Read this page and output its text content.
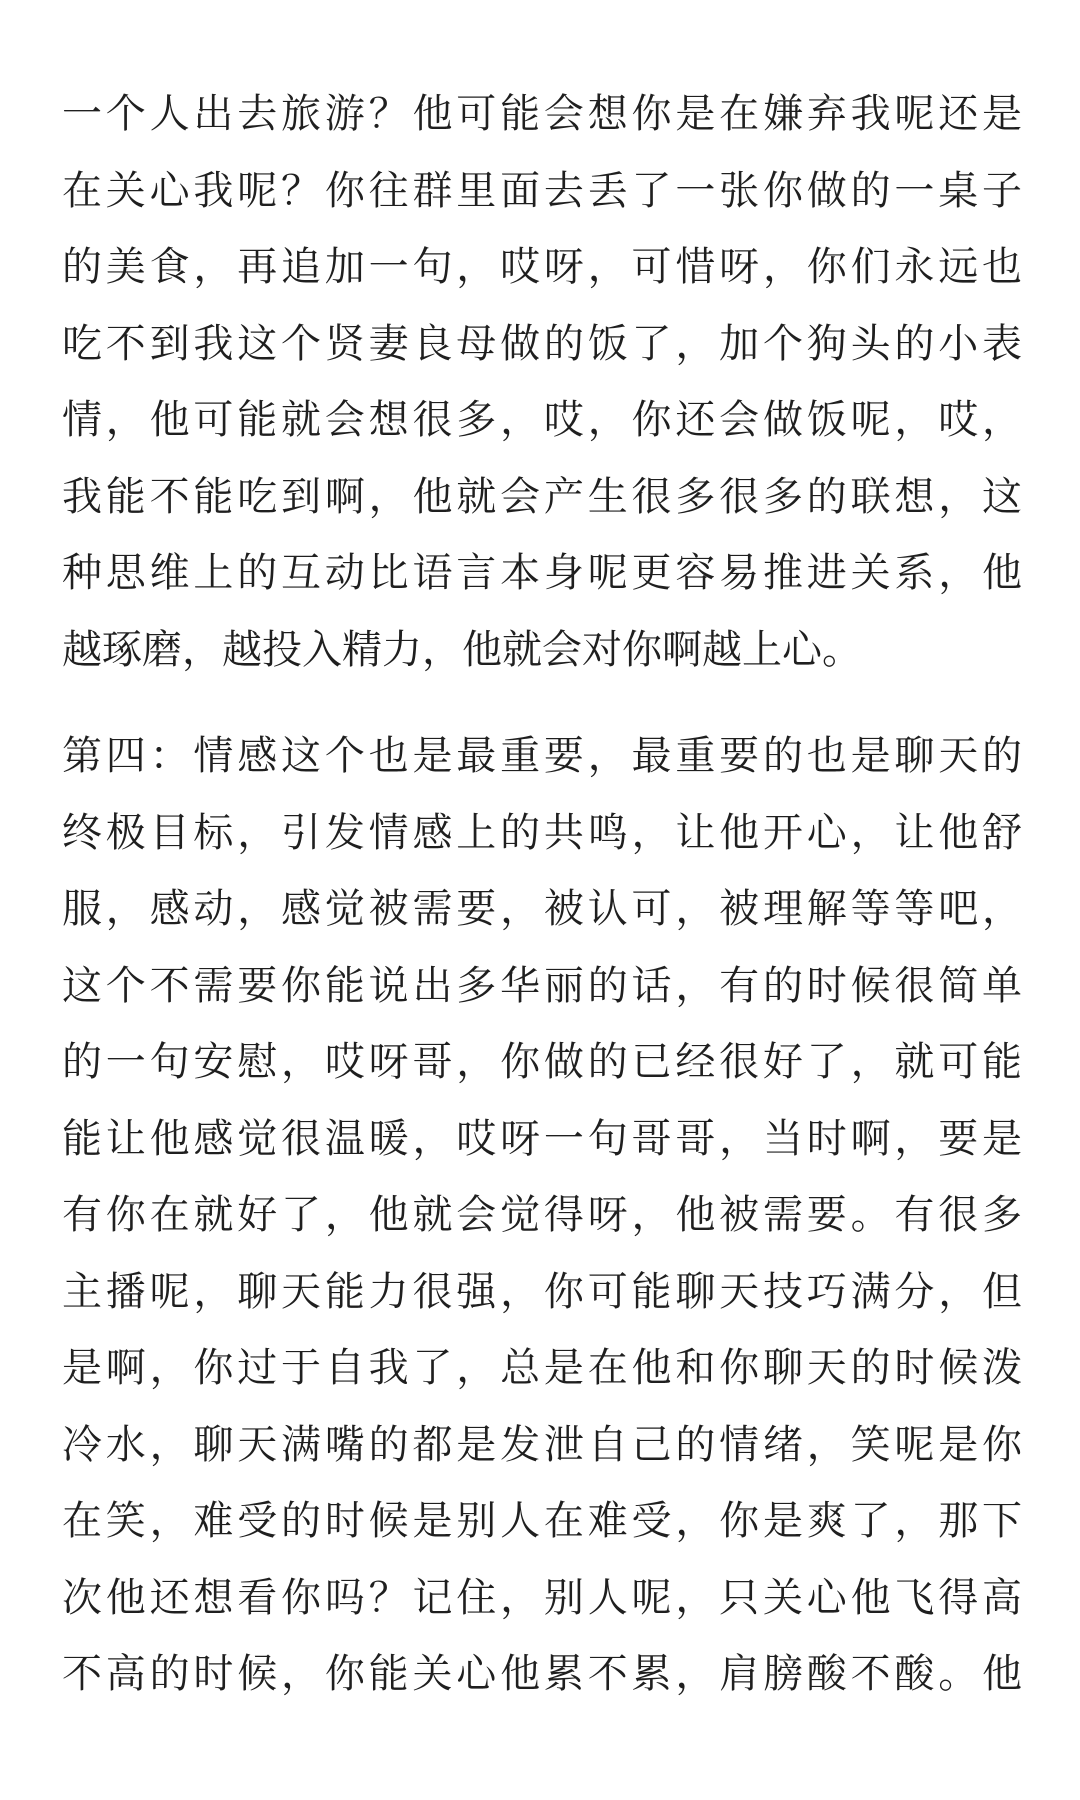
一个人出去旅游？他可能会想你是在嫌弃我呢还是
在关心我呢？你往群里面去丢了一张你做的一桌子
的美食，再追加一句，哎呀，可惜呀，你们永远也
吃不到我这个贤妻良母做的饭了，加个狗头的小表
情，他可能就会想很多，哎，你还会做饭呢，哎，
我能不能吃到啊，他就会产生很多很多的联想，这
种思维上的互动比语言本身呢更容易推进关系，他
越琢磨，越投入精力，他就会对你啊越上心。
第四：情感这个也是最重要，最重要的也是聊天的
终极目标，引发情感上的共鸣，让他开心，让他舒
服，感动，感觉被需要，被认可，被理解等等吧，
这个不需要你能说出多华丽的话，有的时候很简单
的一句安慰，哎呀哥，你做的已经很好了，就可能
能让他感觉很温暖，哎呀一句哥哥，当时啊，要是
有你在就好了，他就会觉得呀，他被需要。有很多
主播呢，聊天能力很强，你可能聊天技巧满分，但
是啊，你过于自我了，总是在他和你聊天的时候泼
冷水，聊天满嘴的都是发泄自己的情绪，笑呢是你
在笑，难受的时候是别人在难受，你是爽了，那下
次他还想看你吗？记住，别人呢，只关心他飞得高
不高的时候，你能关心他累不累，肩膀酸不酸。他
